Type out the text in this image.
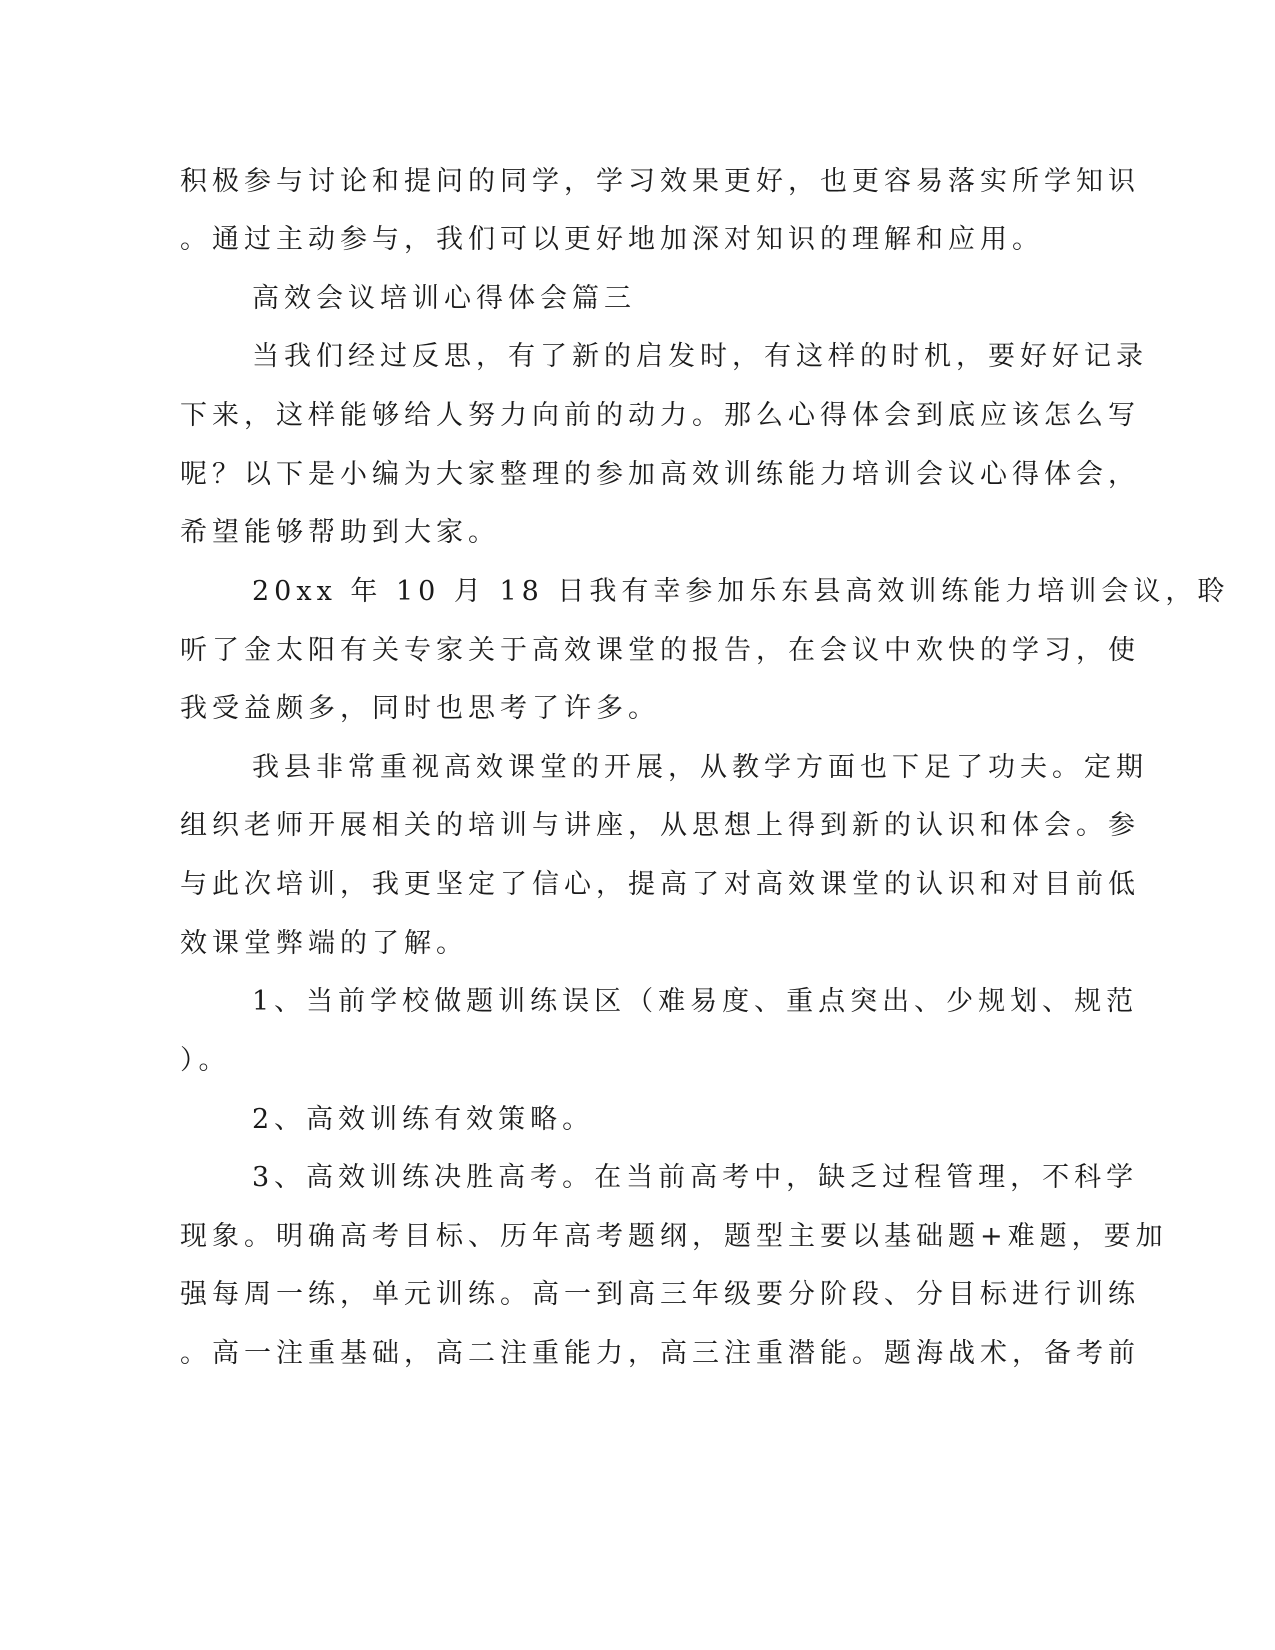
积极参与讨论和提问的同学，学习效果更好，也更容易落实所学知识
。通过主动参与，我们可以更好地加深对知识的理解和应用。
高效会议培训心得体会篇三
当我们经过反思，有了新的启发时，有这样的时机，要好好记录
下来，这样能够给人努力向前的动力。那么心得体会到底应该怎么写
呢？以下是小编为大家整理的参加高效训练能力培训会议心得体会，
希望能够帮助到大家。
20xx 年 10 月 18 日我有幸参加乐东县高效训练能力培训会议，聆
听了金太阳有关专家关于高效课堂的报告，在会议中欢快的学习，使
我受益颇多，同时也思考了许多。
我县非常重视高效课堂的开展，从教学方面也下足了功夫。定期
组织老师开展相关的培训与讲座，从思想上得到新的认识和体会。参
与此次培训，我更坚定了信心，提高了对高效课堂的认识和对目前低
效课堂弊端的了解。
1、当前学校做题训练误区（难易度、重点突出、少规划、规范
）。
2、高效训练有效策略。
3、高效训练决胜高考。在当前高考中，缺乏过程管理，不科学
现象。明确高考目标、历年高考题纲，题型主要以基础题+难题，要加
强每周一练，单元训练。高一到高三年级要分阶段、分目标进行训练
。高一注重基础，高二注重能力，高三注重潜能。题海战术，备考前
